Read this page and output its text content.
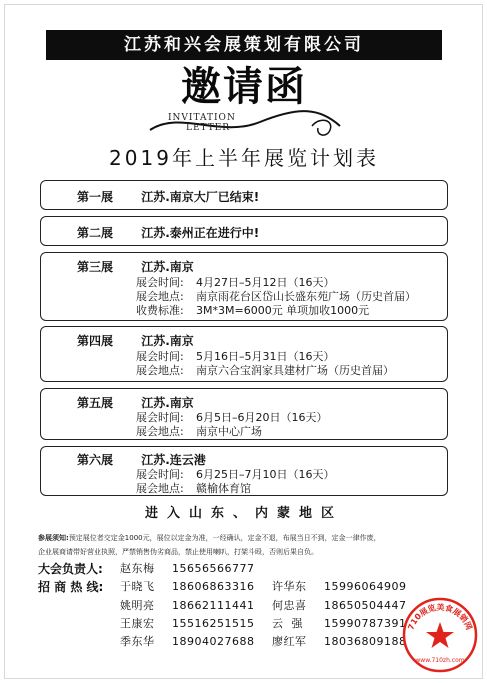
江苏和兴会展策划有限公司
邀请函
INVITATION
LETTER
2019年上半年展览计划表
第一展 江苏.南京大厂已结束!
第二展 江苏.泰州正在进行中!
第三展 江苏.南京
展会时间: 4月27日–5月12日（16天）
展会地点: 南京雨花台区岱山长盛东苑广场（历史首届）
收费标准: 3M*3M=6000元 单项加收1000元
第四展 江苏.南京
展会时间: 5月16日–5月31日（16天）
展会地点: 南京六合宝润家具建材广场（历史首届）
第五展 江苏.南京
展会时间: 6月5日–6月20日（16天）
展会地点: 南京中心广场
第六展 江苏.连云港
展会时间: 6月25日–7月10日（16天）
展会地点: 赣榆体育馆
进入山东、内蒙地区
参展须知:预定展位者交定金1000元，展位以定金为准，一经确认，定金不退，布展当日不到，定金一律作废，
企业展商请带好营业执照，严禁销售伪劣商品，禁止使用喇叭，打架斗殴，否则后果自负。
大会负责人: 赵东梅 15656566777
招 商 热 线: 于晓飞 18606863316 许华东 15996064909
姚明亮 18662111441 何忠喜 18650504447
王康宏 15516251515 云  强 15990787391
季东华 18904027688 廖红军 18036809188
710展览美食展销网
www.710zh.com
